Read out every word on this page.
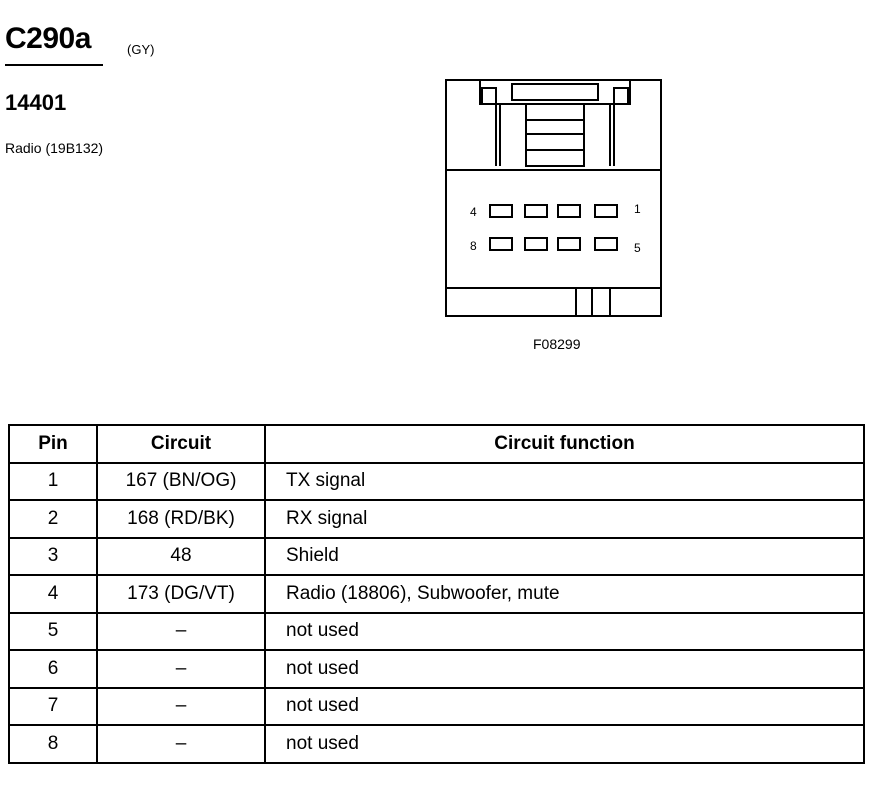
C290a	(GY)
14401
Radio (19B132)
4	1
8	5
F08299
Pin	Circuit	Circuit function
1	167 (BN/OG)	TX signal
2	168 (RD/BK)	RX signal
3	48	Shield
4	173 (DG/VT)	Radio (18806), Subwoofer, mute
5	–	not used
6	–	not used
7	–	not used
8	–	not used
